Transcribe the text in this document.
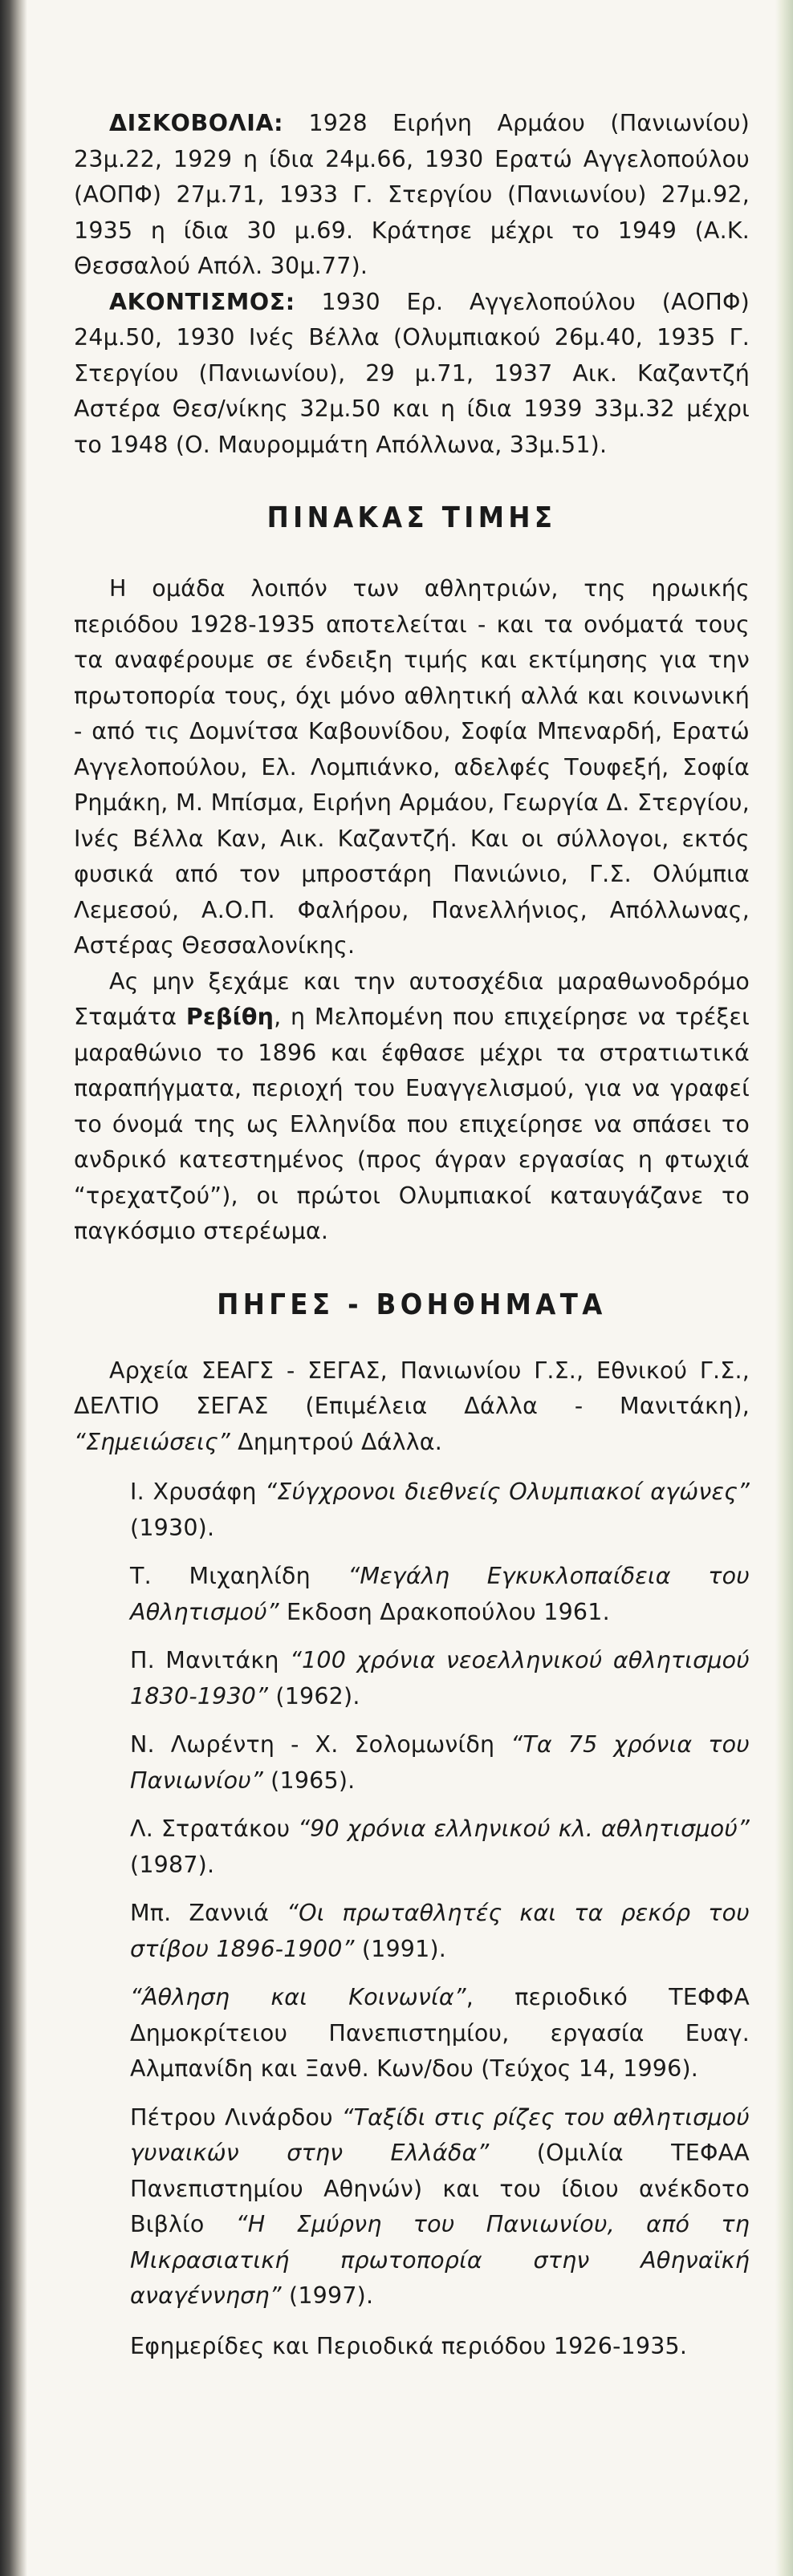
ΔΙΣΚΟΒΟΛΙΑ: 1928 Ειρήνη Αρμάου (Πανιωνίου) 23μ.22, 1929 η ίδια 24μ.66, 1930 Ερατώ Αγγελοπούλου (ΑΟΠΦ) 27μ.71, 1933 Γ. Στεργίου (Πανιωνίου) 27μ.92, 1935 η ίδια 30 μ.69. Κράτησε μέχρι το 1949 (Α.Κ. Θεσσαλού Απόλ. 30μ.77).

ΑΚΟΝΤΙΣΜΟΣ: 1930 Ερ. Αγγελοπούλου (ΑΟΠΦ) 24μ.50, 1930 Ινές Βέλλα (Ολυμπιακού 26μ.40, 1935 Γ. Στεργίου (Πανιωνίου), 29 μ.71, 1937 Αικ. Καζαντζή Αστέρα Θεσ/νίκης 32μ.50 και η ίδια 1939 33μ.32 μέχρι το 1948 (Ο. Μαυρομμάτη Απόλλωνα, 33μ.51).

ΠΙΝΑΚΑΣ ΤΙΜΗΣ

Η ομάδα λοιπόν των αθλητριών, της ηρωικής περιόδου 1928-1935 αποτελείται - και τα ονόματά τους τα αναφέρουμε σε ένδειξη τιμής και εκτίμησης για την πρωτοπορία τους, όχι μόνο αθλητική αλλά και κοινωνική - από τις Δομνίτσα Καβουνίδου, Σοφία Μπεναρδή, Ερατώ Αγγελοπούλου, Ελ. Λομπιάνκο, αδελφές Τουφεξή, Σοφία Ρημάκη, Μ. Μπίσμα, Ειρήνη Αρμάου, Γεωργία Δ. Στεργίου, Ινές Βέλλα Καν, Αικ. Καζαντζή. Και οι σύλλογοι, εκτός φυσικά από τον μπροστάρη Πανιώνιο, Γ.Σ. Ολύμπια Λεμεσού, Α.Ο.Π. Φαλήρου, Πανελλήνιος, Απόλλωνας, Αστέρας Θεσσαλονίκης.

Ας μην ξεχάμε και την αυτοσχέδια μαραθωνοδρόμο Σταμάτα Ρεβίθη, η Μελπομένη που επιχείρησε να τρέξει μαραθώνιο το 1896 και έφθασε μέχρι τα στρατιωτικά παραπήγματα, περιοχή του Ευαγγελισμού, για να γραφεί το όνομά της ως Ελληνίδα που επιχείρησε να σπάσει το ανδρικό κατεστημένος (προς άγραν εργασίας η φτωχιά “τρεχατζού”), οι πρώτοι Ολυμπιακοί καταυγάζανε το παγκόσμιο στερέωμα.

ΠΗΓΕΣ - ΒΟΗΘΗΜΑΤΑ

Αρχεία ΣΕΑΓΣ - ΣΕΓΑΣ, Πανιωνίου Γ.Σ., Εθνικού Γ.Σ., ΔΕΛΤΙΟ ΣΕΓΑΣ (Επιμέλεια Δάλλα - Μανιτάκη), “Σημειώσεις” Δημητρού Δάλλα.

Ι. Χρυσάφη “Σύγχρονοι διεθνείς Ολυμπιακοί αγώνες” (1930).

Τ. Μιχαηλίδη “Μεγάλη Εγκυκλοπαίδεια του Αθλητισμού” Εκδοση Δρακοπούλου 1961.

Π. Μανιτάκη “100 χρόνια νεοελληνικού αθλητισμού 1830-1930” (1962).

Ν. Λωρέντη - Χ. Σολομωνίδη “Τα 75 χρόνια του Πανιωνίου” (1965).

Λ. Στρατάκου “90 χρόνια ελληνικού κλ. αθλητισμού” (1987).

Μπ. Ζαννιά “Οι πρωταθλητές και τα ρεκόρ του στίβου 1896-1900” (1991).

“Άθληση και Κοινωνία”, περιοδικό ΤΕΦΦΑ Δημοκρίτειου Πανεπιστημίου, εργασία Ευαγ. Αλμπανίδη και Ξανθ. Κων/δου (Τεύχος 14, 1996).

Πέτρου Λινάρδου “Ταξίδι στις ρίζες του αθλητισμού γυναικών στην Ελλάδα” (Ομιλία ΤΕΦΑΑ Πανεπιστημίου Αθηνών) και του ίδιου ανέκδοτο Βιβλίο “Η Σμύρνη του Πανιωνίου, από τη Μικρασιατική πρωτοπορία στην Αθηναϊκή αναγέννηση” (1997).

Εφημερίδες και Περιοδικά περιόδου 1926-1935.
